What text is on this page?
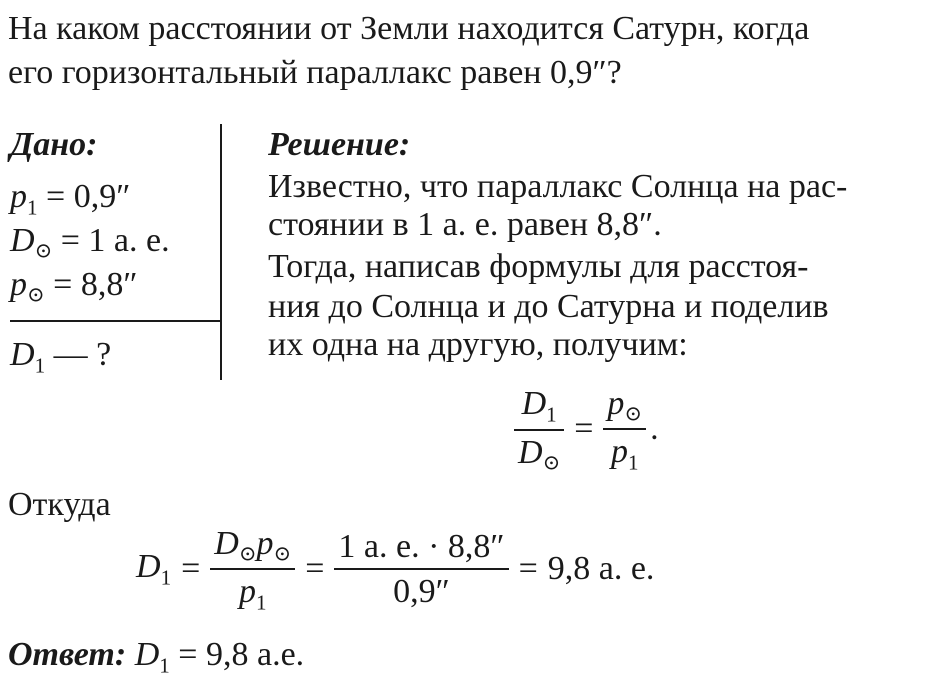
На каком расстоянии от Земли находится Сатурн, когда
его горизонтальный параллакс равен 0,9″?
Дано:
$p_1 = 0,9''$
D⊙ = 1 а. е.
p⊙ = 8,8″
$D_1$ — ?
Решение:
Известно, что параллакс Солнца на рас-
стоянии в 1 а. е. равен 8,8″.
Тогда, написав формулы для расстоя-
ния до Солнца и до Сатурна и поделив
их одна на другую, получим:
$\frac{D_1}{D⊙} = \frac{p⊙}{p_1}$ .
Откуда
$D_1 = \frac{D⊙p⊙}{p_1} = \frac{1 а. е. \cdot 8,8''}{0,9''} = 9,8$ а. е.
Ответ: $D_1 = 9,8$ а.е.
